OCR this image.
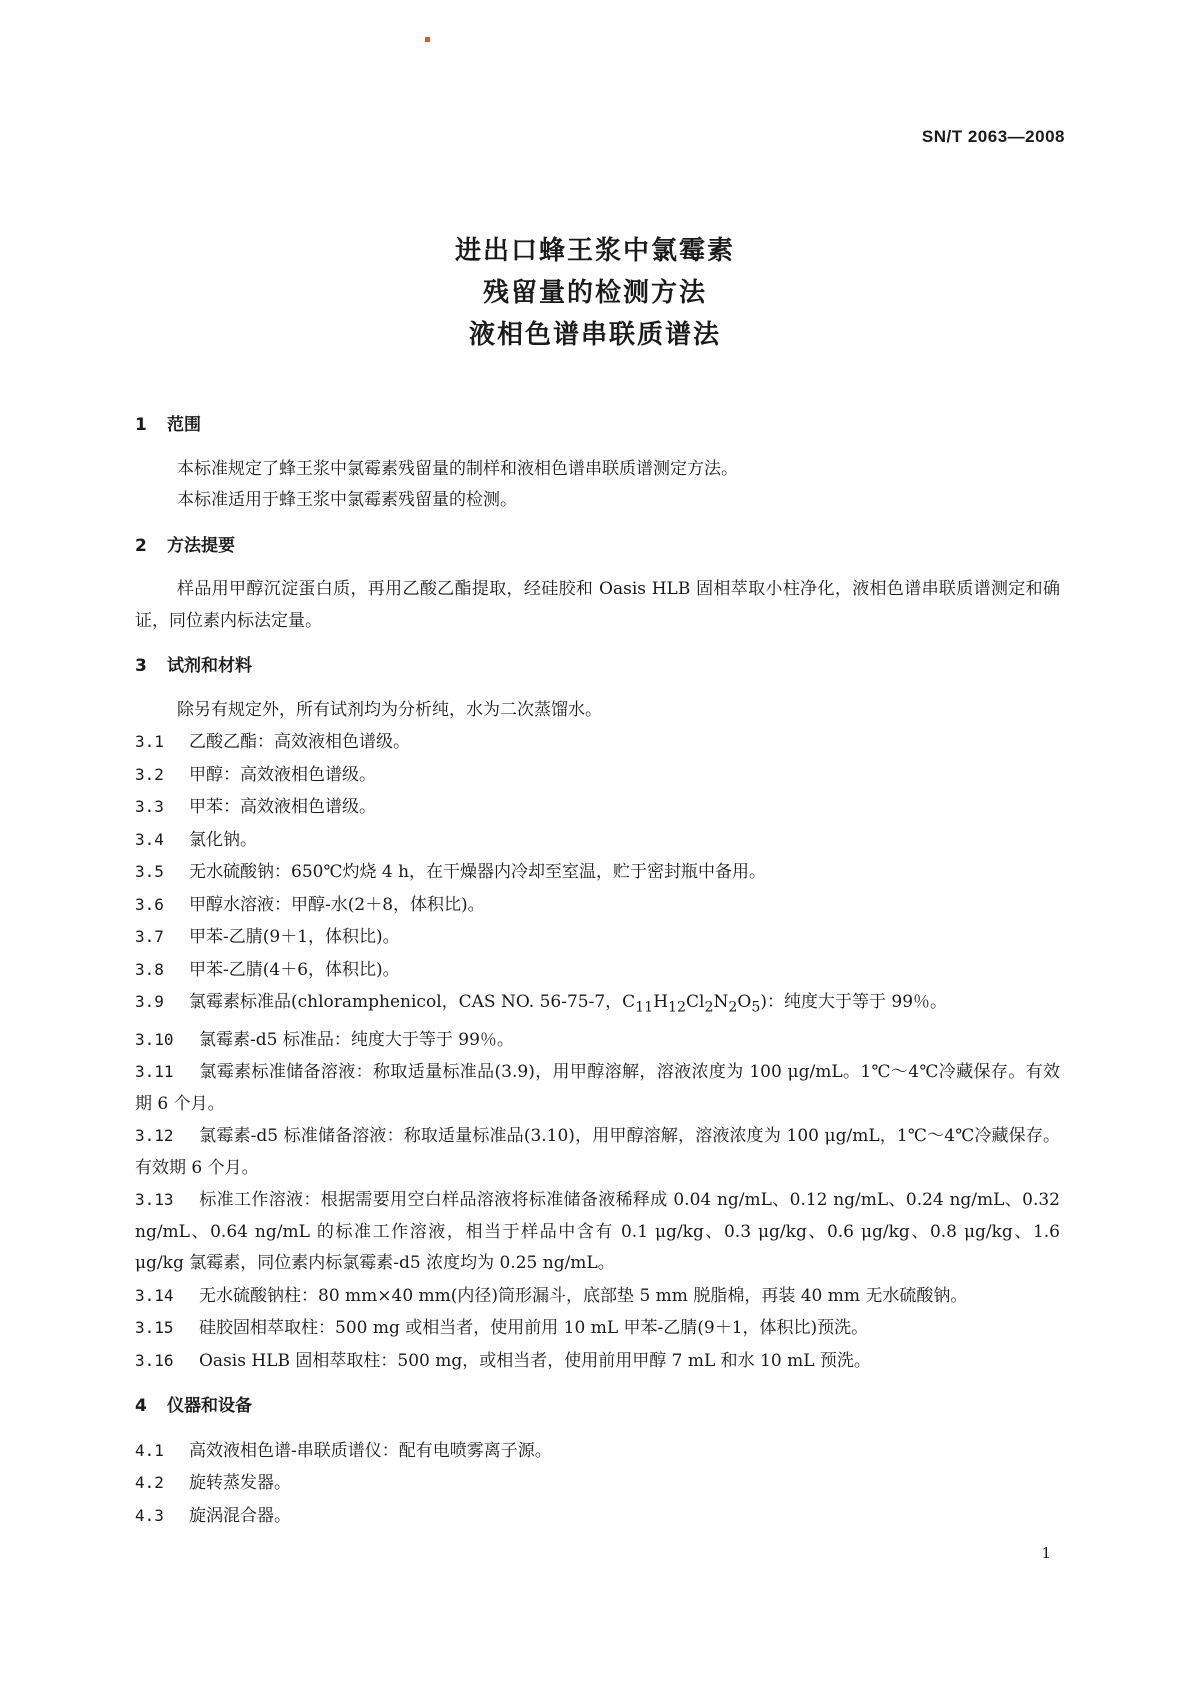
SN/T 2063—2008
进出口蜂王浆中氯霉素
残留量的检测方法
液相色谱串联质谱法
1 范围

本标准规定了蜂王浆中氯霉素残留量的制样和液相色谱串联质谱测定方法。

本标准适用于蜂王浆中氯霉素残留量的检测。

2 方法提要

样品用甲醇沉淀蛋白质，再用乙酸乙酯提取，经硅胶和 Oasis HLB 固相萃取小柱净化，液相色谱串联质谱测定和确证，同位素内标法定量。

3 试剂和材料

除另有规定外，所有试剂均为分析纯，水为二次蒸馏水。

3.1 乙酸乙酯：高效液相色谱级。

3.2 甲醇：高效液相色谱级。

3.3 甲苯：高效液相色谱级。

3.4 氯化钠。

3.5 无水硫酸钠：650℃灼烧 4 h，在干燥器内冷却至室温，贮于密封瓶中备用。

3.6 甲醇水溶液：甲醇-水(2＋8，体积比)。

3.7 甲苯-乙腈(9＋1，体积比)。

3.8 甲苯-乙腈(4＋6，体积比)。

3.9 氯霉素标准品(chloramphenicol，CAS NO. 56-75-7，$C_{11}H_{12}Cl_2N_2O_5$)：纯度大于等于 99％。

3.10 氯霉素-d5 标准品：纯度大于等于 99％。

3.11 氯霉素标准储备溶液：称取适量标准品(3.9)，用甲醇溶解，溶液浓度为 100 μg/mL。1℃～4℃冷藏保存。有效期 6 个月。

3.12 氯霉素-d5 标准储备溶液：称取适量标准品(3.10)，用甲醇溶解，溶液浓度为 100 μg/mL，1℃～4℃冷藏保存。有效期 6 个月。

3.13 标准工作溶液：根据需要用空白样品溶液将标准储备液稀释成 0.04 ng/mL、0.12 ng/mL、0.24 ng/mL、0.32 ng/mL、0.64 ng/mL 的标准工作溶液，相当于样品中含有 0.1 μg/kg、0.3 μg/kg、0.6 μg/kg、0.8 μg/kg、1.6 μg/kg 氯霉素，同位素内标氯霉素-d5 浓度均为 0.25 ng/mL。

3.14 无水硫酸钠柱：80 mm×40 mm(内径)筒形漏斗，底部垫 5 mm 脱脂棉，再装 40 mm 无水硫酸钠。

3.15 硅胶固相萃取柱：500 mg 或相当者，使用前用 10 mL 甲苯-乙腈(9＋1，体积比)预洗。

3.16 Oasis HLB 固相萃取柱：500 mg，或相当者，使用前用甲醇 7 mL 和水 10 mL 预洗。

4 仪器和设备

4.1 高效液相色谱-串联质谱仪：配有电喷雾离子源。

4.2 旋转蒸发器。

4.3 旋涡混合器。

1
